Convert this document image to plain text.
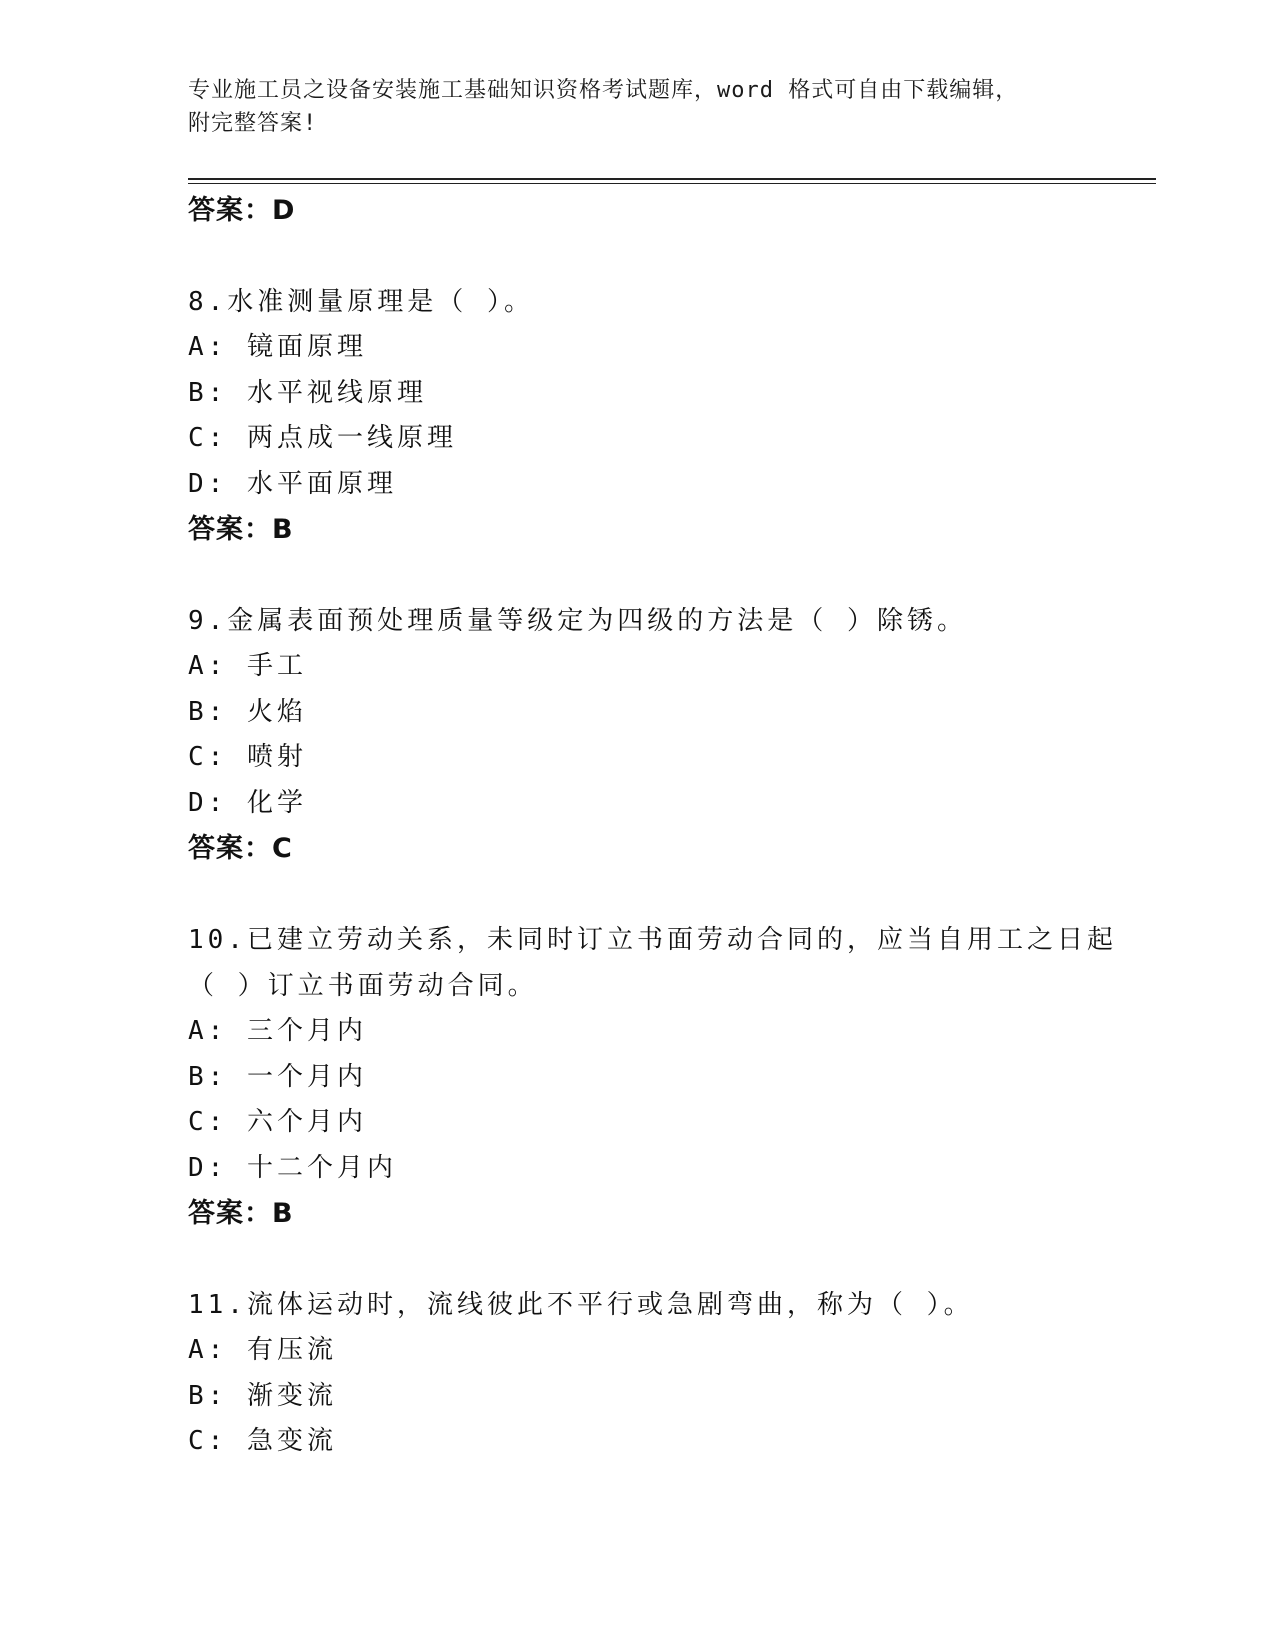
专业施工员之设备安装施工基础知识资格考试题库，word 格式可自由下载编辑，
附完整答案!
答案：D
8.水准测量原理是（ ）。
A: 镜面原理
B: 水平视线原理
C: 两点成一线原理
D: 水平面原理
答案：B
9.金属表面预处理质量等级定为四级的方法是（ ）除锈。
A: 手工
B: 火焰
C: 喷射
D: 化学
答案：C
10.已建立劳动关系，未同时订立书面劳动合同的，应当自用工之日起
（ ）订立书面劳动合同。
A: 三个月内
B: 一个月内
C: 六个月内
D: 十二个月内
答案：B
11.流体运动时，流线彼此不平行或急剧弯曲，称为（ ）。
A: 有压流
B: 渐变流
C: 急变流
